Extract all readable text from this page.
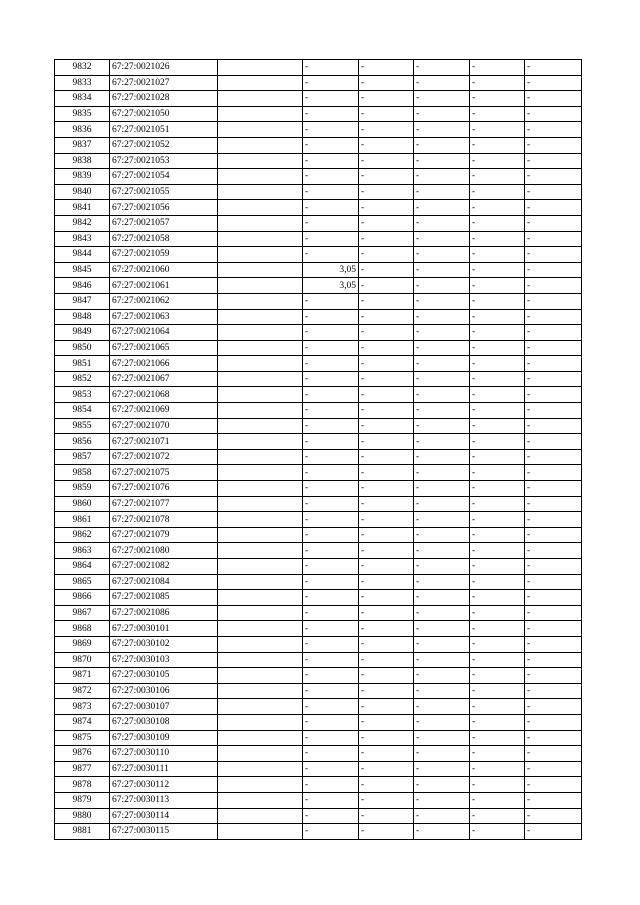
9832	67:27:0021026		-	-	-	-	-
9833	67:27:0021027		-	-	-	-	-
9834	67:27:0021028		-	-	-	-	-
9835	67:27:0021050		-	-	-	-	-
9836	67:27:0021051		-	-	-	-	-
9837	67:27:0021052		-	-	-	-	-
9838	67:27:0021053		-	-	-	-	-
9839	67:27:0021054		-	-	-	-	-
9840	67:27:0021055		-	-	-	-	-
9841	67:27:0021056		-	-	-	-	-
9842	67:27:0021057		-	-	-	-	-
9843	67:27:0021058		-	-	-	-	-
9844	67:27:0021059		-	-	-	-	-
9845	67:27:0021060		3,05	-	-	-	-
9846	67:27:0021061		3,05	-	-	-	-
9847	67:27:0021062		-	-	-	-	-
9848	67:27:0021063		-	-	-	-	-
9849	67:27:0021064		-	-	-	-	-
9850	67:27:0021065		-	-	-	-	-
9851	67:27:0021066		-	-	-	-	-
9852	67:27:0021067		-	-	-	-	-
9853	67:27:0021068		-	-	-	-	-
9854	67:27:0021069		-	-	-	-	-
9855	67:27:0021070		-	-	-	-	-
9856	67:27:0021071		-	-	-	-	-
9857	67:27:0021072		-	-	-	-	-
9858	67:27:0021075		-	-	-	-	-
9859	67:27:0021076		-	-	-	-	-
9860	67:27:0021077		-	-	-	-	-
9861	67:27:0021078		-	-	-	-	-
9862	67:27:0021079		-	-	-	-	-
9863	67:27:0021080		-	-	-	-	-
9864	67:27:0021082		-	-	-	-	-
9865	67:27:0021084		-	-	-	-	-
9866	67:27:0021085		-	-	-	-	-
9867	67:27:0021086		-	-	-	-	-
9868	67:27:0030101		-	-	-	-	-
9869	67:27:0030102		-	-	-	-	-
9870	67:27:0030103		-	-	-	-	-
9871	67:27:0030105		-	-	-	-	-
9872	67:27:0030106		-	-	-	-	-
9873	67:27:0030107		-	-	-	-	-
9874	67:27:0030108		-	-	-	-	-
9875	67:27:0030109		-	-	-	-	-
9876	67:27:0030110		-	-	-	-	-
9877	67:27:0030111		-	-	-	-	-
9878	67:27:0030112		-	-	-	-	-
9879	67:27:0030113		-	-	-	-	-
9880	67:27:0030114		-	-	-	-	-
9881	67:27:0030115		-	-	-	-	-
